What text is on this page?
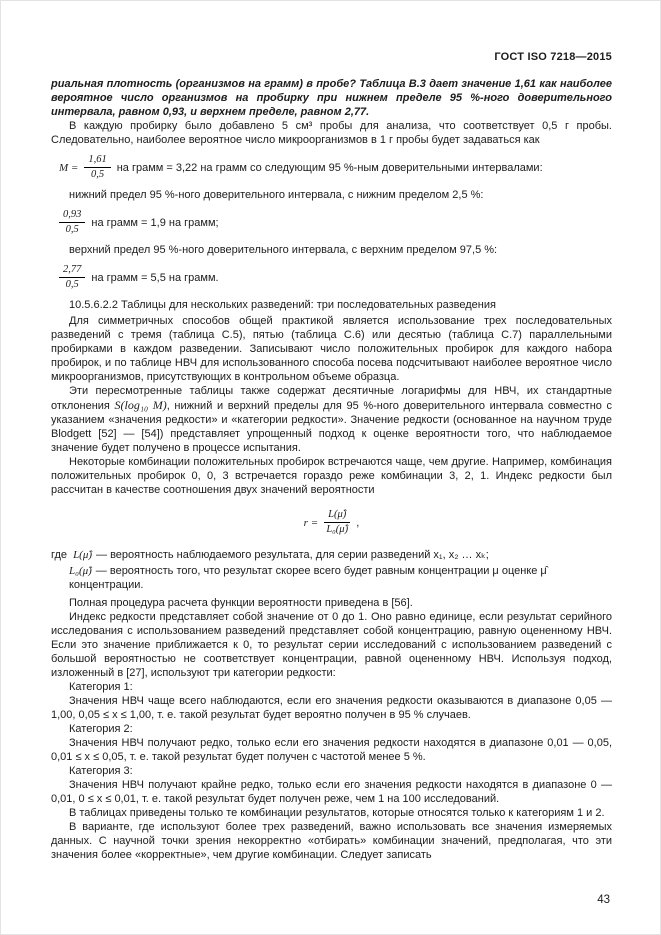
ГОСТ ISO 7218—2015

риальная плотность (организмов на грамм) в пробе? Таблица В.3 дает значение 1,61 как наиболее вероятное число организмов на пробирку при нижнем пределе 95 %-ного доверительного интервала, равном 0,93, и верхнем пределе, равном 2,77.

В каждую пробирку было добавлено 5 см³ пробы для анализа, что соответствует 0,5 г пробы. Следовательно, наиболее вероятное число микроорганизмов в 1 г пробы будет задаваться как

$M = \frac{1,61}{0,5}$ на грамм = 3,22 на грамм со следующим 95 %-ным доверительными интервалами:

нижний предел 95 %-ного доверительного интервала, с нижним пределом 2,5 %:

$\frac{0,93}{0,5}$ на грамм = 1,9 на грамм;

верхний предел 95 %-ного доверительного интервала, с верхним пределом 97,5 %:

$\frac{2,77}{0,5}$ на грамм = 5,5 на грамм.

10.5.6.2.2 Таблицы для нескольких разведений: три последовательных разведения

Для симметричных способов общей практикой является использование трех последовательных разведений с тремя (таблица С.5), пятью (таблица С.6) или десятью (таблица С.7) параллельными пробирками в каждом разведении. Записывают число положительных пробирок для каждого набора пробирок, и по таблице НВЧ для использованного способа посева подсчитывают наиболее вероятное число микроорганизмов, присутствующих в контрольном объеме образца.

Эти пересмотренные таблицы также содержат десятичные логарифмы для НВЧ, их стандартные отклонения S(log₁₀ M), нижний и верхний пределы для 95 %-ного доверительного интервала совместно с указанием «значения редкости» и «категории редкости». Значение редкости (основанное на научном труде Blodgett [52] — [54]) представляет упрощенный подход к оценке вероятности того, что наблюдаемое значение будет получено в процессе испытания.

Некоторые комбинации положительных пробирок встречаются чаще, чем другие. Например, комбинация положительных пробирок 0, 0, 3 встречается гораздо реже комбинации 3, 2, 1. Индекс редкости был рассчитан в качестве соотношения двух значений вероятности

$r = \frac{L(\mû)}{\text{L₀(μ̂)}}$ ,

где L(μ̂) — вероятность наблюдаемого результата, для серии разведений x₁, x₂ … xₖ;

L₀(μ̂) — вероятность того, что результат скорее всего будет равным концентрации μ оценке μ̂ концентрации.

Полная процедура расчета функции вероятности приведена в [56].

Индекс редкости представляет собой значение от 0 до 1. Оно равно единице, если результат серийного исследования с использованием разведений представляет собой концентрацию, равную оцененному НВЧ. Если это значение приближается к 0, то результат серии исследований с использованием разведений с большой вероятностью не соответствует концентрации, равной оцененному НВЧ. Используя подход, изложенный в [27], используют три категории редкости:

Категория 1:

Значения НВЧ чаще всего наблюдаются, если его значения редкости оказываются в диапазоне 0,05 — 1,00, 0,05 ≤ x ≤ 1,00, т. е. такой результат будет вероятно получен в 95 % случаев.

Категория 2:

Значения НВЧ получают редко, только если его значения редкости находятся в диапазоне 0,01 — 0,05, 0,01 ≤ x ≤ 0,05, т. е. такой результат будет получен с частотой менее 5 %.

Категория 3:

Значения НВЧ получают крайне редко, только если его значения редкости находятся в диапазоне 0 — 0,01, 0 ≤ x ≤ 0,01, т. е. такой результат будет получен реже, чем 1 на 100 исследований.

В таблицах приведены только те комбинации результатов, которые относятся только к категориям 1 и 2.

В варианте, где используют более трех разведений, важно использовать все значения измеряемых данных. С научной точки зрения некорректно «отбирать» комбинации значений, предполагая, что эти значения более «корректные», чем другие комбинации. Следует записать

43
